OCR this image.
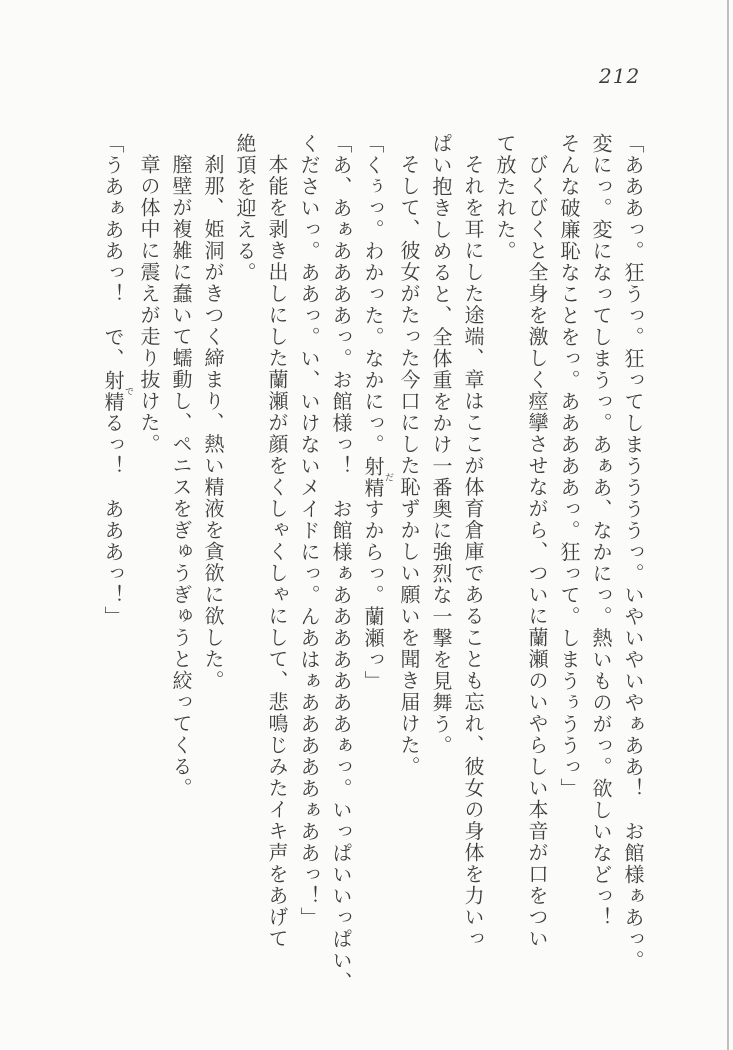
212
「あああっ。狂うっ。狂ってしまううううっ。いやいやいやぁああ！　お館様ぁあっ。
変にっ。変になってしまうっ。あぁあ、なかにっ。熱いものがっ。欲しいなどっ！
そんな破廉恥なことをっ。あああああっ。狂って。しまうぅううっ」
びくびくと全身を激しく痙攣させながら、ついに蘭瀬のいやらしい本音が口をつい
て放たれた。
それを耳にした途端、章はここが体育倉庫であることも忘れ、彼女の身体を力いっ
ぱい抱きしめると、全体重をかけ一番奥に強烈な一撃を見舞う。
そして、彼女がたった今口にした恥ずかしい願いを聞き届けた。
「くぅっ。わかった。なかにっ。射精だすからっ。蘭瀬っ」
「あ、あぁああああっ。お館様っ！　お館様ぁあああああああぁっ。いっぱいいっぱい、
くださいっ。ああっ。い、いけないメイドにっ。んあはぁあああああぁああっ！」
本能を剥き出しにした蘭瀬が顔をくしゃくしゃにして、悲鳴じみたイキ声をあげて
絶頂を迎える。
刹那、姫洞がきつく締まり、熱い精液を貪欲に欲した。
膣壁が複雑に蠢いて蠕動し、ペニスをぎゅうぎゅうと絞ってくる。
章の体中に震えが走り抜けた。
「うあぁああっ！　で、射精でるっ！　あああっ！」
